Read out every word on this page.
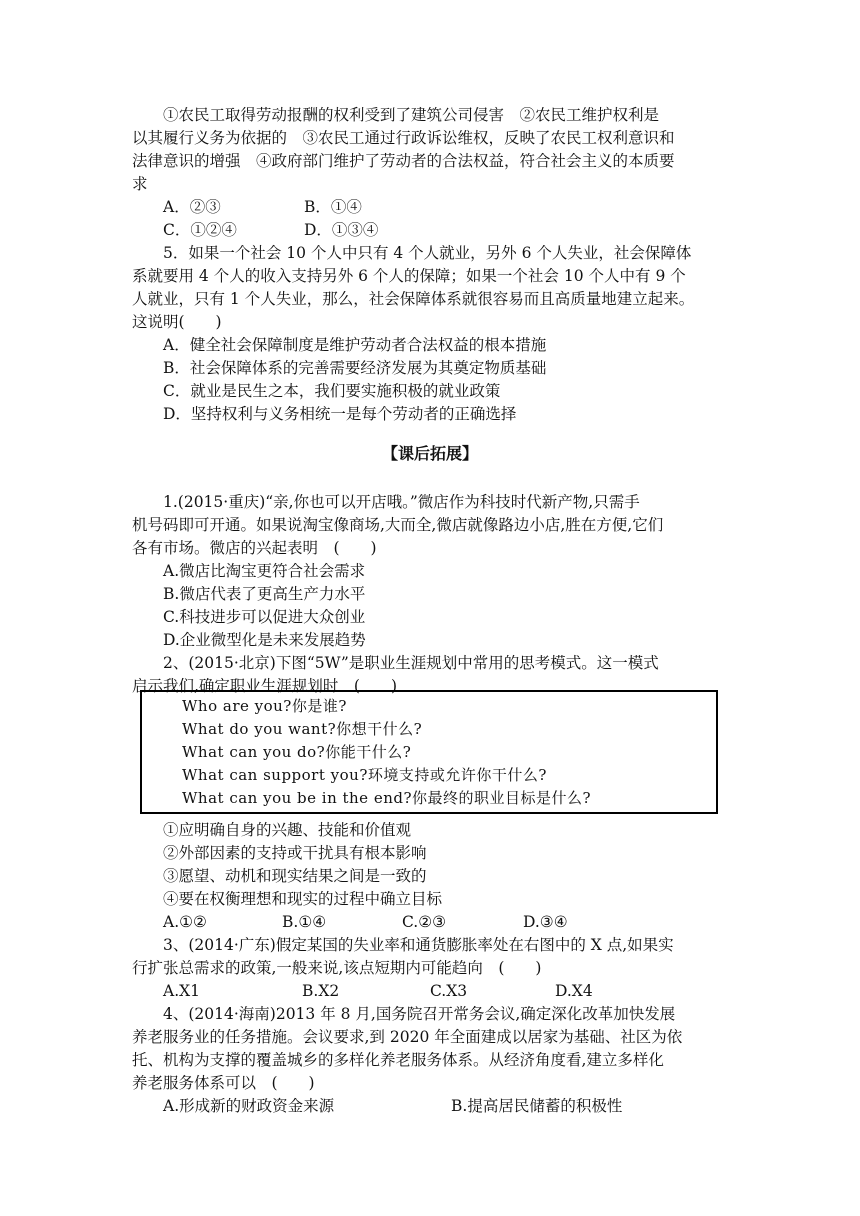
①农民工取得劳动报酬的权利受到了建筑公司侵害　②农民工维护权利是
以其履行义务为依据的　③农民工通过行政诉讼维权，反映了农民工权利意识和
法律意识的增强　④政府部门维护了劳动者的合法权益，符合社会主义的本质要
求
A．②③	B．①④
C．①②④	D．①③④
5．如果一个社会 10 个人中只有 4 个人就业，另外 6 个人失业，社会保障体
系就要用 4 个人的收入支持另外 6 个人的保障；如果一个社会 10 个人中有 9 个
人就业，只有 1 个人失业，那么，社会保障体系就很容易而且高质量地建立起来。
这说明(　　)
A．健全社会保障制度是维护劳动者合法权益的根本措施
B．社会保障体系的完善需要经济发展为其奠定物质基础
C．就业是民生之本，我们要实施积极的就业政策
D．坚持权利与义务相统一是每个劳动者的正确选择
【课后拓展】
1.(2015·重庆)“亲,你也可以开店哦。”微店作为科技时代新产物,只需手
机号码即可开通。如果说淘宝像商场,大而全,微店就像路边小店,胜在方便,它们
各有市场。微店的兴起表明　(　　)
A.微店比淘宝更符合社会需求
B.微店代表了更高生产力水平
C.科技进步可以促进大众创业
D.企业微型化是未来发展趋势
2、(2015·北京)下图“5W”是职业生涯规划中常用的思考模式。这一模式
启示我们,确定职业生涯规划时　(　　)
Who are you?你是谁?
What do you want?你想干什么?
What can you do?你能干什么?
What can support you?环境支持或允许你干什么?
What can you be in the end?你最终的职业目标是什么?
①应明确自身的兴趣、技能和价值观
②外部因素的支持或干扰具有根本影响
③愿望、动机和现实结果之间是一致的
④要在权衡理想和现实的过程中确立目标
A.①②	B.①④	C.②③	D.③④
3、(2014·广东)假定某国的失业率和通货膨胀率处在右图中的 X 点,如果实
行扩张总需求的政策,一般来说,该点短期内可能趋向　(　　)
A.X1	B.X2	C.X3	D.X4
4、(2014·海南)2013 年 8 月,国务院召开常务会议,确定深化改革加快发展
养老服务业的任务措施。会议要求,到 2020 年全面建成以居家为基础、社区为依
托、机构为支撑的覆盖城乡的多样化养老服务体系。从经济角度看,建立多样化
养老服务体系可以　(　　)
A.形成新的财政资金来源	B.提高居民储蓄的积极性
